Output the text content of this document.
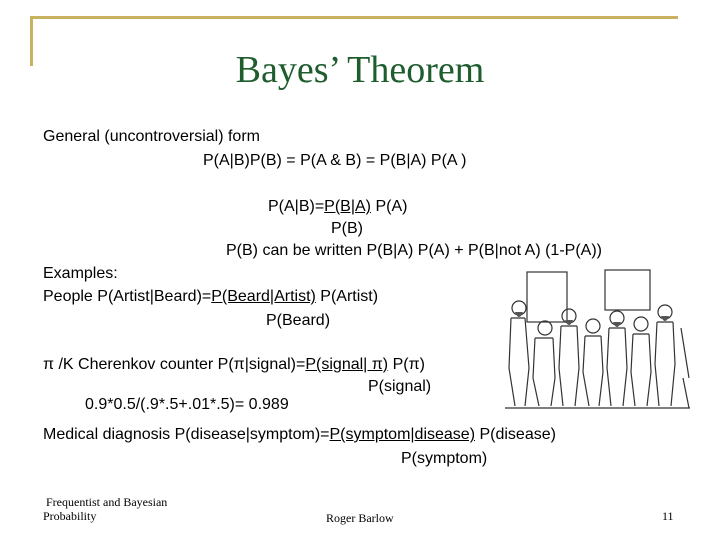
Bayes’ Theorem
General (uncontroversial) form
P(A|B)P(B) = P(A & B) = P(B|A) P(A )
P(A|B)=P(B|A) P(A)
P(B)
P(B) can be written P(B|A) P(A) + P(B|not A) (1-P(A))
Examples:
People P(Artist|Beard)=P(Beard|Artist) P(Artist)
P(Beard)
π /K Cherenkov counter P(π|signal)=P(signal| π) P(π)
P(signal)
0.9*0.5/(.9*.5+.01*.5)= 0.989
Medical diagnosis P(disease|symptom)=P(symptom|disease) P(disease)
P(symptom)
Frequentist and Bayesian
Probability	Roger Barlow	11
